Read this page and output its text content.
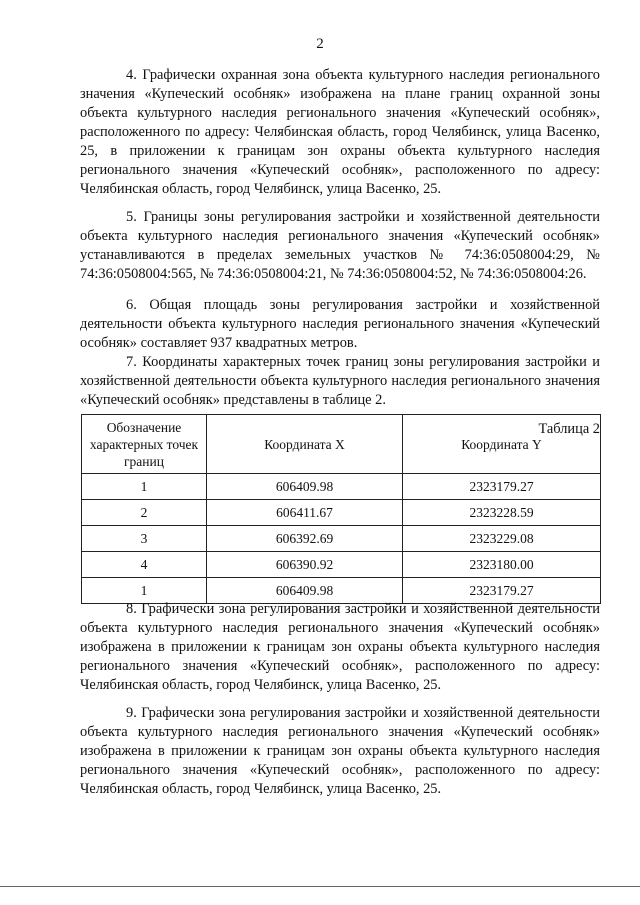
2

4. Графически охранная зона объекта культурного наследия регионального значения «Купеческий особняк» изображена на плане границ охранной зоны объекта культурного наследия регионального значения «Купеческий особняк», расположенного по адресу: Челябинская область, город Челябинск, улица Васенко, 25, в приложении к границам зон охраны объекта культурного наследия регионального значения «Купеческий особняк», расположенного по адресу: Челябинская область, город Челябинск, улица Васенко, 25.

5. Границы зоны регулирования застройки и хозяйственной деятельности объекта культурного наследия регионального значения «Купеческий особняк» устанавливаются в пределах земельных участков № 74:36:0508004:29, № 74:36:0508004:565, № 74:36:0508004:21, № 74:36:0508004:52, № 74:36:0508004:26.

6. Общая площадь зоны регулирования застройки и хозяйственной деятельности объекта культурного наследия регионального значения «Купеческий особняк» составляет 937 квадратных метров.

7. Координаты характерных точек границ зоны регулирования застройки и хозяйственной деятельности объекта культурного наследия регионального значения «Купеческий особняк» представлены в таблице 2.

Таблица 2
Обозначение характерных точек границ	Координата X	Координата Y
1	606409.98	2323179.27
2	606411.67	2323228.59
3	606392.69	2323229.08
4	606390.92	2323180.00
1	606409.98	2323179.27

8. Графически зона регулирования застройки и хозяйственной деятельности объекта культурного наследия регионального значения «Купеческий особняк» изображена в приложении к границам зон охраны объекта культурного наследия регионального значения «Купеческий особняк», расположенного по адресу: Челябинская область, город Челябинск, улица Васенко, 25.

9. Графически зона регулирования застройки и хозяйственной деятельности объекта культурного наследия регионального значения «Купеческий особняк» изображена в приложении к границам зон охраны объекта культурного наследия регионального значения «Купеческий особняк», расположенного по адресу: Челябинская область, город Челябинск, улица Васенко, 25.
